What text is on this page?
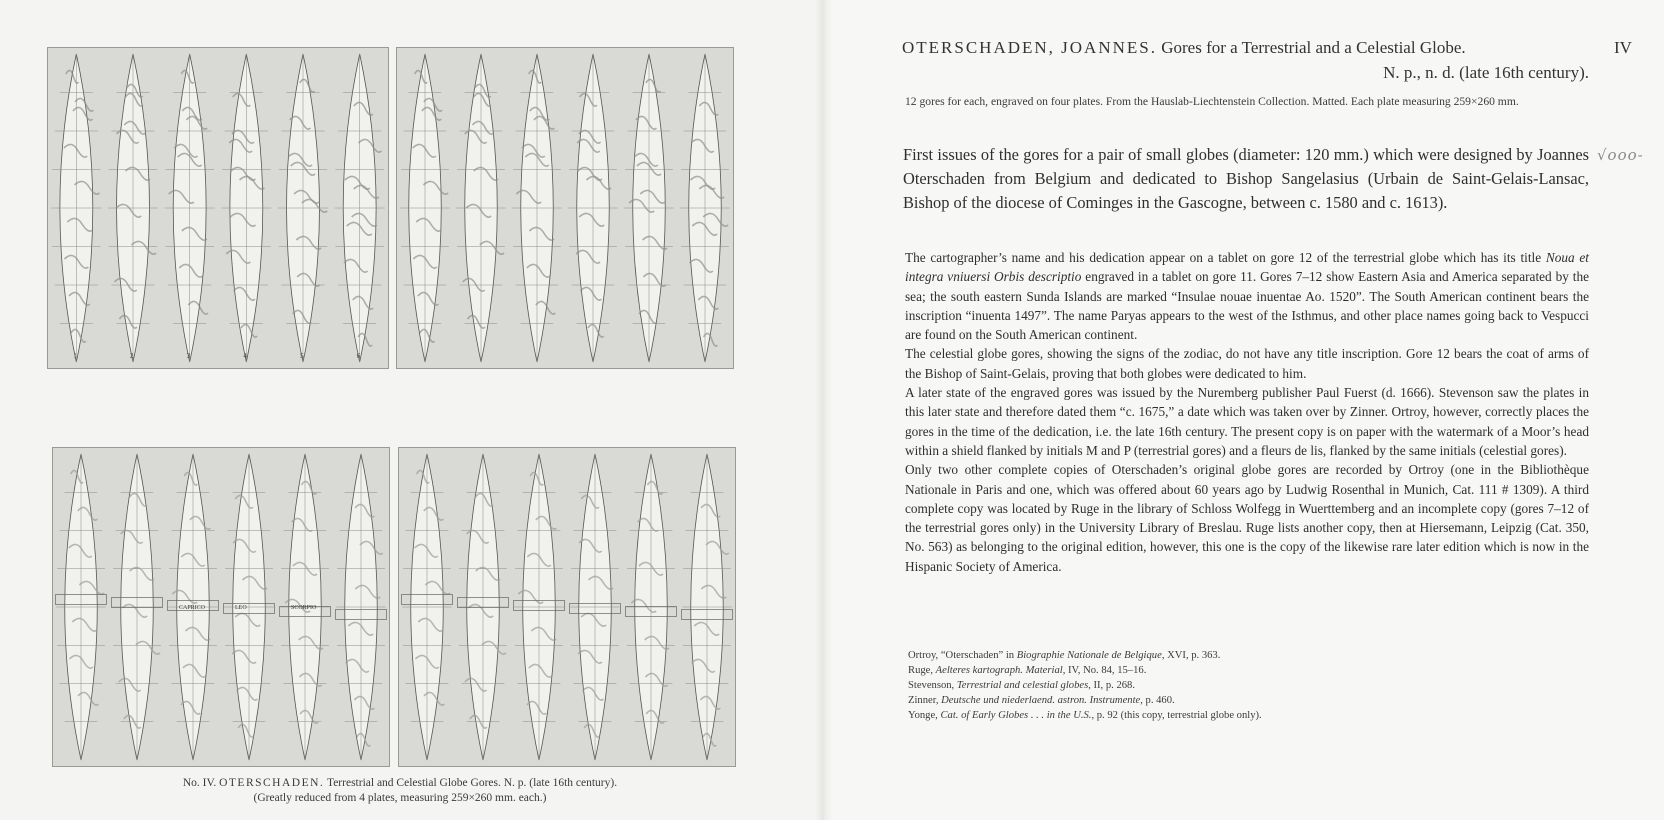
1	2	3	4	5	6
CAPRICO	LEO	SCORPIO
No. IV. OTERSCHADEN. Terrestrial and Celestial Globe Gores. N. p. (late 16th century).
(Greatly reduced from 4 plates, measuring 259×260 mm. each.)
OTERSCHADEN, JOANNES. Gores for a Terrestrial and a Celestial Globe.	IV
N. p., n. d. (late 16th century).
12 gores for each, engraved on four plates. From the Hauslab-Liechtenstein Collection. Matted. Each plate measuring 259×260 mm.
First issues of the gores for a pair of small globes (diameter: 120 mm.) which were designed by Joannes Oterschaden from Belgium and dedicated to Bishop Sangelasius (Urbain de Saint-Gelais-Lansac, Bishop of the diocese of Cominges in the Gascogne, between c. 1580 and c. 1613).
√ooo-

The cartographer’s name and his dedication appear on a tablet on gore 12 of the terrestrial globe which has its title Noua et integra vniuersi Orbis descriptio engraved in a tablet on gore 11. Gores 7–12 show Eastern Asia and America separated by the sea; the south eastern Sunda Islands are marked “Insulae nouae inuentae Ao. 1520”. The South American continent bears the inscription “inuenta 1497”. The name Paryas appears to the west of the Isthmus, and other place names going back to Vespucci are found on the South American continent.

The celestial globe gores, showing the signs of the zodiac, do not have any title inscription. Gore 12 bears the coat of arms of the Bishop of Saint-Gelais, proving that both globes were dedicated to him.

A later state of the engraved gores was issued by the Nuremberg publisher Paul Fuerst (d. 1666). Stevenson saw the plates in this later state and therefore dated them “c. 1675,” a date which was taken over by Zinner. Ortroy, however, correctly places the gores in the time of the dedication, i.e. the late 16th century. The present copy is on paper with the watermark of a Moor’s head within a shield flanked by initials M and P (terrestrial gores) and a fleurs de lis, flanked by the same initials (celestial gores).

Only two other complete copies of Oterschaden’s original globe gores are recorded by Ortroy (one in the Bibliothèque Nationale in Paris and one, which was offered about 60 years ago by Ludwig Rosenthal in Munich, Cat. 111 # 1309). A third complete copy was located by Ruge in the library of Schloss Wolfegg in Wuerttemberg and an incomplete copy (gores 7–12 of the terrestrial gores only) in the University Library of Breslau. Ruge lists another copy, then at Hiersemann, Leipzig (Cat. 350, No. 563) as belonging to the original edition, however, this one is the copy of the likewise rare later edition which is now in the Hispanic Society of America.

Ortroy, “Oterschaden” in Biographie Nationale de Belgique, XVI, p. 363.
Ruge, Aelteres kartograph. Material, IV, No. 84, 15–16.
Stevenson, Terrestrial and celestial globes, II, p. 268.
Zinner, Deutsche und niederlaend. astron. Instrumente, p. 460.
Yonge, Cat. of Early Globes . . . in the U.S., p. 92 (this copy, terrestrial globe only).
